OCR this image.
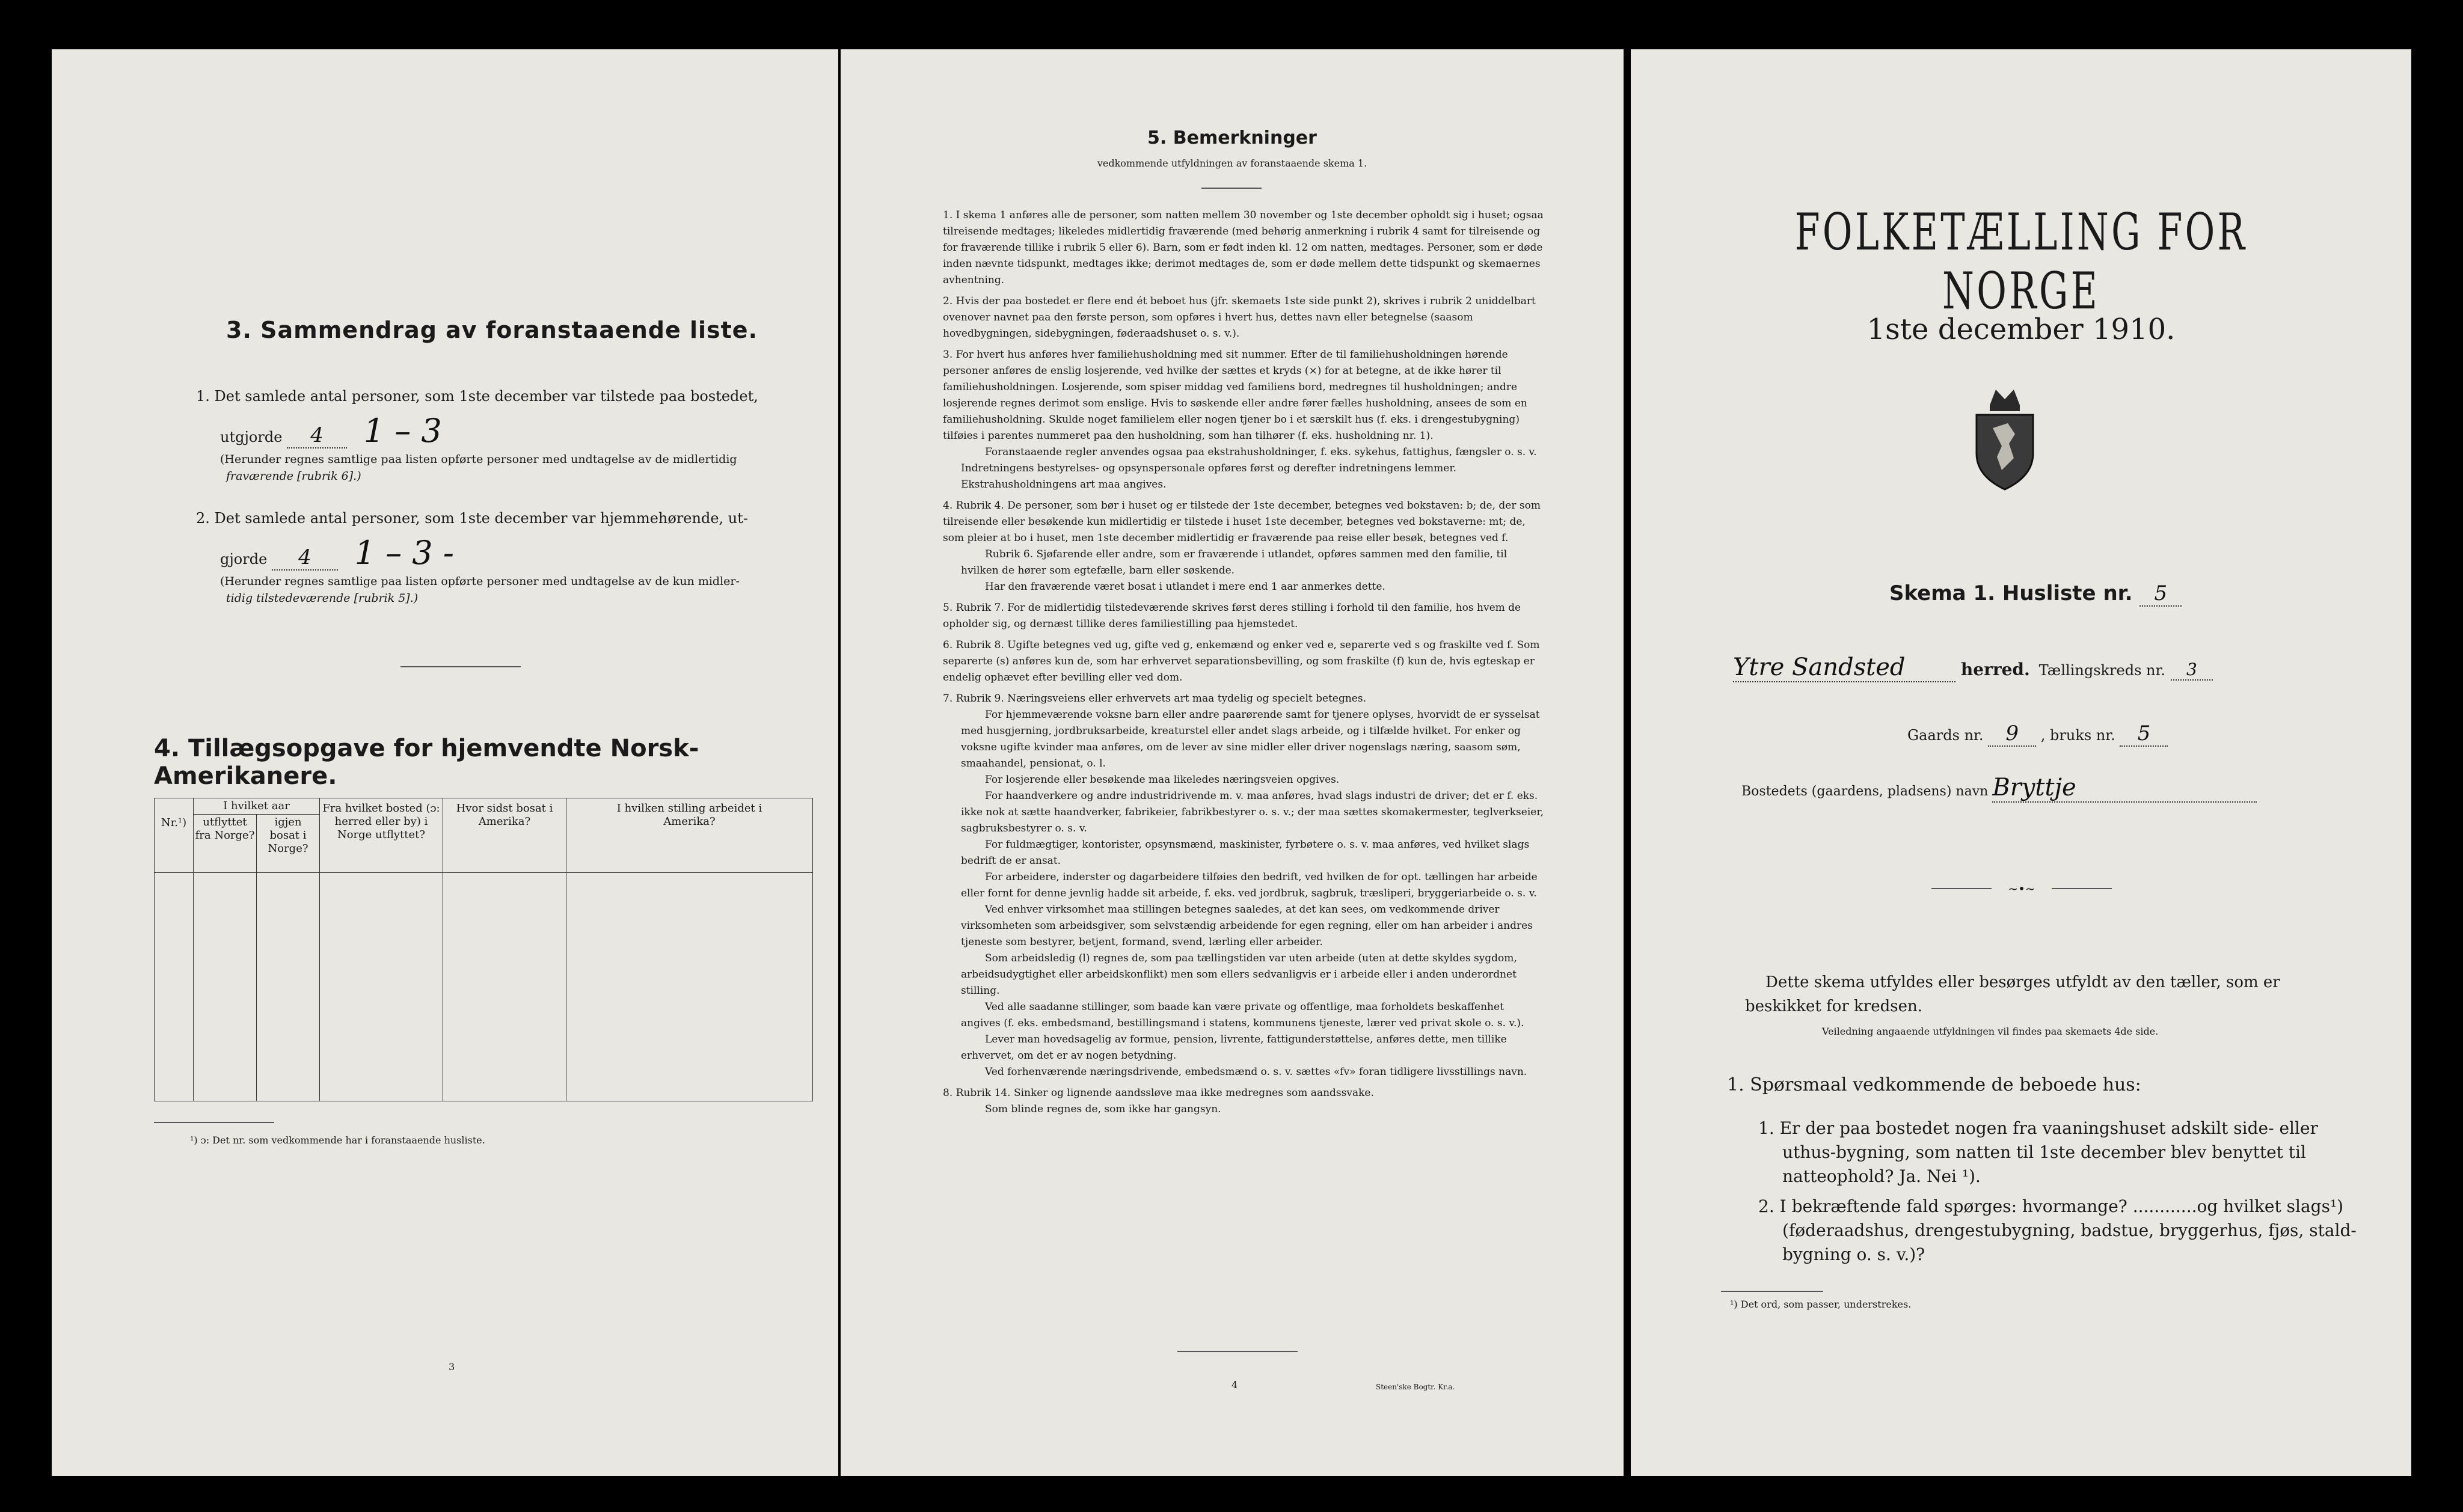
3. Sammendrag av foranstaaende liste.
1. Det samlede antal personer, som 1ste december var tilstede paa bostedet,
utgjorde 4 1 – 3
(Herunder regnes samtlige paa listen opførte personer med undtagelse av de midlertidig
fraværende [rubrik 6].)
2. Det samlede antal personer, som 1ste december var hjemmehørende, ut-
gjorde 4 1 – 3 -
(Herunder regnes samtlige paa listen opførte personer med undtagelse av de kun midler-
tidig tilstedeværende [rubrik 5].)
4. Tillægsopgave for hjemvendte Norsk-Amerikanere.
Nr.¹)	I hvilket aar		Fra hvilket bosted (ɔ: herred eller by) i Norge utflyttet?	Hvor sidst bosat i Amerika?	I hvilken stilling arbeidet i Amerika?
	utflyttet fra Norge?	igjen bosat i Norge?			

¹) ɔ: Det nr. som vedkommende har i foranstaaende husliste.
3
5. Bemerkninger
vedkommende utfyldningen av foranstaaende skema 1.

1. I skema 1 anføres alle de personer, som natten mellem 30 november og 1ste december opholdt sig i huset; ogsaa tilreisende medtages; likeledes midlertidig fraværende (med behørig anmerkning i rubrik 4 samt for tilreisende og for fraværende tillike i rubrik 5 eller 6). Barn, som er født inden kl. 12 om natten, medtages. Personer, som er døde inden nævnte tidspunkt, medtages ikke; derimot medtages de, som er døde mellem dette tidspunkt og skemaernes avhentning.

2. Hvis der paa bostedet er flere end ét beboet hus (jfr. skemaets 1ste side punkt 2), skrives i rubrik 2 uniddelbart ovenover navnet paa den første person, som opføres i hvert hus, dettes navn eller betegnelse (saasom hovedbygningen, sidebygningen, føderaadshuset o. s. v.).

3. For hvert hus anføres hver familiehusholdning med sit nummer. Efter de til familiehusholdningen hørende personer anføres de enslig losjerende, ved hvilke der sættes et kryds (×) for at betegne, at de ikke hører til familiehusholdningen. Losjerende, som spiser middag ved familiens bord, medregnes til husholdningen; andre losjerende regnes derimot som enslige. Hvis to søskende eller andre fører fælles husholdning, ansees de som en familiehusholdning. Skulde noget familielem eller nogen tjener bo i et særskilt hus (f. eks. i drengestubygning) tilføies i parentes nummeret paa den husholdning, som han tilhører (f. eks. husholdning nr. 1).

Foranstaaende regler anvendes ogsaa paa ekstrahusholdninger, f. eks. sykehus, fattighus, fængsler o. s. v. Indretningens bestyrelses- og opsynspersonale opføres først og derefter indretningens lemmer. Ekstrahusholdningens art maa angives.

4. Rubrik 4. De personer, som bør i huset og er tilstede der 1ste december, betegnes ved bokstaven: b; de, der som tilreisende eller besøkende kun midlertidig er tilstede i huset 1ste december, betegnes ved bokstaverne: mt; de, som pleier at bo i huset, men 1ste december midlertidig er fraværende paa reise eller besøk, betegnes ved f.

Rubrik 6. Sjøfarende eller andre, som er fraværende i utlandet, opføres sammen med den familie, til hvilken de hører som egtefælle, barn eller søskende.

Har den fraværende været bosat i utlandet i mere end 1 aar anmerkes dette.

5. Rubrik 7. For de midlertidig tilstedeværende skrives først deres stilling i forhold til den familie, hos hvem de opholder sig, og dernæst tillike deres familiestilling paa hjemstedet.

6. Rubrik 8. Ugifte betegnes ved ug, gifte ved g, enkemænd og enker ved e, separerte ved s og fraskilte ved f. Som separerte (s) anføres kun de, som har erhvervet separationsbevilling, og som fraskilte (f) kun de, hvis egteskap er endelig ophævet efter bevilling eller ved dom.

7. Rubrik 9. Næringsveiens eller erhvervets art maa tydelig og specielt betegnes.

For hjemmeværende voksne barn eller andre paarørende samt for tjenere oplyses, hvorvidt de er sysselsat med husgjerning, jordbruksarbeide, kreaturstel eller andet slags arbeide, og i tilfælde hvilket. For enker og voksne ugifte kvinder maa anføres, om de lever av sine midler eller driver nogenslags næring, saasom søm, smaahandel, pensionat, o. l.

For losjerende eller besøkende maa likeledes næringsveien opgives.

For haandverkere og andre industridrivende m. v. maa anføres, hvad slags industri de driver; det er f. eks. ikke nok at sætte haandverker, fabrikeier, fabrikbestyrer o. s. v.; der maa sættes skomakermester, teglverkseier, sagbruksbestyrer o. s. v.

For fuldmægtiger, kontorister, opsynsmænd, maskinister, fyrbøtere o. s. v. maa anføres, ved hvilket slags bedrift de er ansat.

For arbeidere, inderster og dagarbeidere tilføies den bedrift, ved hvilken de for opt. tællingen har arbeide eller fornt for denne jevnlig hadde sit arbeide, f. eks. ved jordbruk, sagbruk, træsliperi, bryggeriarbeide o. s. v.

Ved enhver virksomhet maa stillingen betegnes saaledes, at det kan sees, om vedkommende driver virksomheten som arbeidsgiver, som selvstændig arbeidende for egen regning, eller om han arbeider i andres tjeneste som bestyrer, betjent, formand, svend, lærling eller arbeider.

Som arbeidsledig (l) regnes de, som paa tællingstiden var uten arbeide (uten at dette skyldes sygdom, arbeidsudygtighet eller arbeidskonflikt) men som ellers sedvanligvis er i arbeide eller i anden underordnet stilling.

Ved alle saadanne stillinger, som baade kan være private og offentlige, maa forholdets beskaffenhet angives (f. eks. embedsmand, bestillingsmand i statens, kommunens tjeneste, lærer ved privat skole o. s. v.).

Lever man hovedsagelig av formue, pension, livrente, fattigunderstøttelse, anføres dette, men tillike erhvervet, om det er av nogen betydning.

Ved forhenværende næringsdrivende, embedsmænd o. s. v. sættes «fv» foran tidligere livsstillings navn.

8. Rubrik 14. Sinker og lignende aandssløve maa ikke medregnes som aandssvake.

Som blinde regnes de, som ikke har gangsyn.

4	Steen'ske Bogtr. Kr.a.
FOLKETÆLLING FOR NORGE
1ste december 1910.
Skema 1. Husliste nr. 5
Ytre Sandsted	herred. Tællingskreds nr. 3
Gaards nr. 9 , bruks nr. 5
Bostedets (gaardens, pladsens) navn Bryttje
~•~
Dette skema utfyldes eller besørges utfyldt av den tæller, som er
beskikket for kredsen.
Veiledning angaaende utfyldningen vil findes paa skemaets 4de side.
1. Spørsmaal vedkommende de beboede hus:
1. Er der paa bostedet nogen fra vaaningshuset adskilt side- eller
uthus-bygning, som natten til 1ste december blev benyttet til
natteophold? Ja. Nei ¹).
2. I bekræftende fald spørges: hvormange? ............og hvilket slags¹)
(føderaadshus, drengestubygning, badstue, bryggerhus, fjøs, stald-
bygning o. s. v.)?
¹) Det ord, som passer, understrekes.
